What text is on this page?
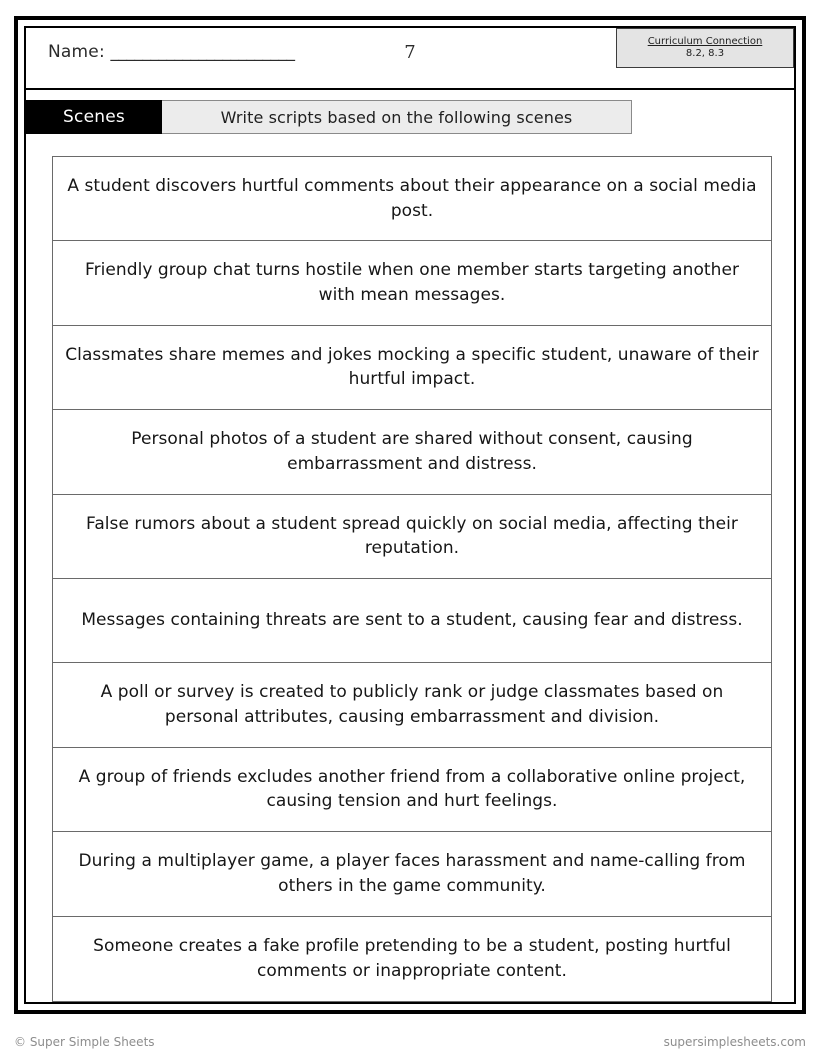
Name: _______________________	7
Curriculum Connection
8.2, 8.3
Scenes	Write scripts based on the following scenes
A student discovers hurtful comments about their appearance on a social media post.
Friendly group chat turns hostile when one member starts targeting another with mean messages.
Classmates share memes and jokes mocking a specific student, unaware of their hurtful impact.
Personal photos of a student are shared without consent, causing embarrassment and distress.
False rumors about a student spread quickly on social media, affecting their reputation.
Messages containing threats are sent to a student, causing fear and distress.
A poll or survey is created to publicly rank or judge classmates based on personal attributes, causing embarrassment and division.
A group of friends excludes another friend from a collaborative online project, causing tension and hurt feelings.
During a multiplayer game, a player faces harassment and name-calling from others in the game community.
Someone creates a fake profile pretending to be a student, posting hurtful comments or inappropriate content.
© Super Simple Sheets	supersimplesheets.com
